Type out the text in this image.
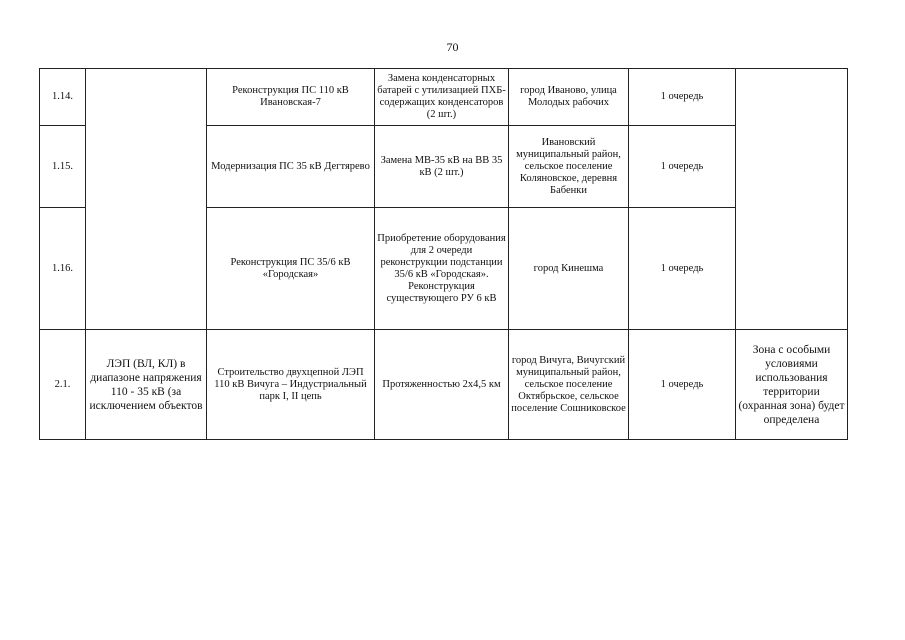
70
1.14.		Реконструкция ПС 110 кВ Ивановская-7	Замена конденсаторных батарей с утилизацией ПХБ-содержащих конденсаторов (2 шт.)	город Иваново, улица Молодых рабочих	1 очередь	
1.15.		Модернизация ПС 35 кВ Дегтярево	Замена МВ-35 кВ на ВВ 35 кВ (2 шт.)	Ивановский муниципальный район, сельское поселение Коляновское, деревня Бабенки	1 очередь	
1.16.		Реконструкция ПС 35/6 кВ «Городская»	Приобретение оборудования для 2 очереди реконструкции подстанции 35/6 кВ «Городская». Реконструкция существующего РУ 6 кВ	город Кинешма	1 очередь	
2.1.	ЛЭП (ВЛ, КЛ) в диапазоне напряжения 110 - 35 кВ (за исключением объектов	Строительство двухцепной ЛЭП 110 кВ Вичуга – Индустриальный парк I, II цепь	Протяженностью 2х4,5 км	город Вичуга, Вичугский муниципальный район, сельское поселение Октябрьское, сельское поселение Сошниковское	1 очередь	Зона с особыми условиями использования территории (охранная зона) будет определена
